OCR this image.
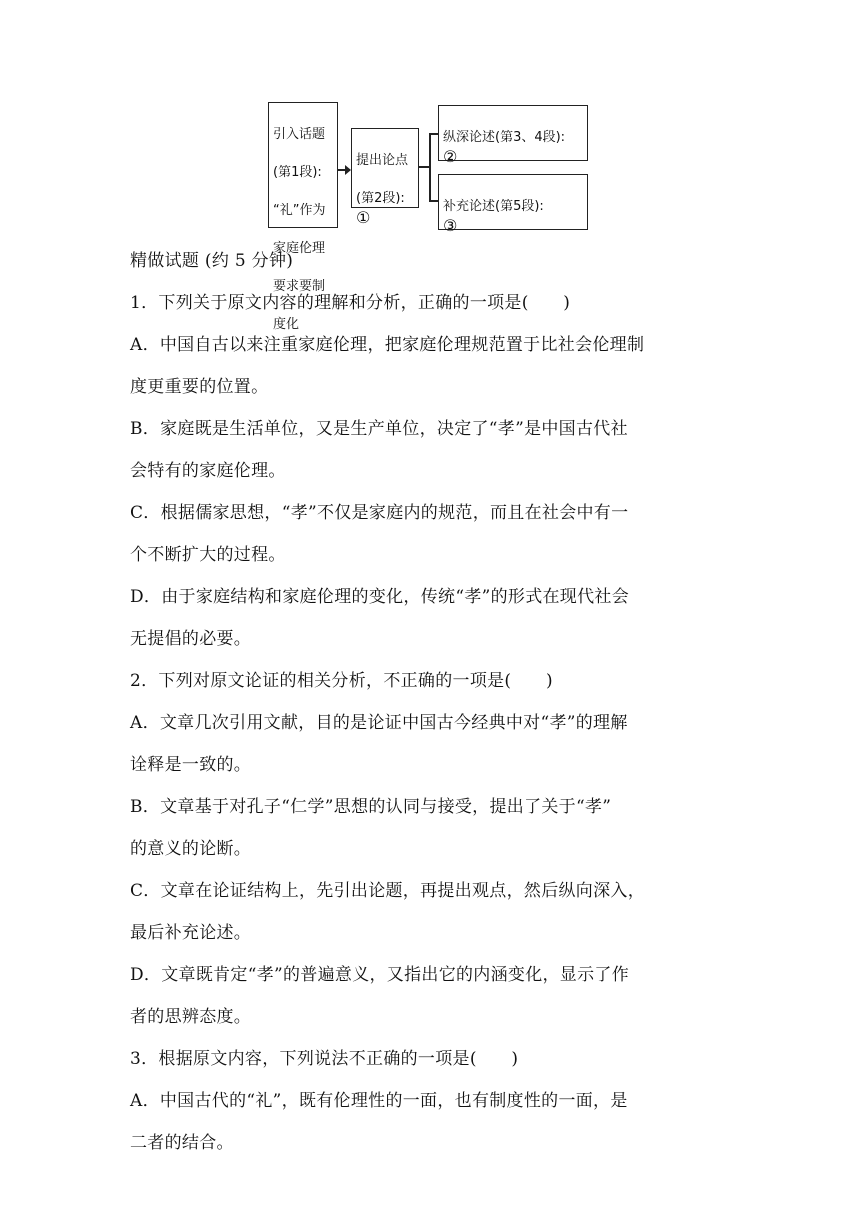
引入话题

(第1段):

“礼”作为

家庭伦理

要求要制

度化

提出论点

(第2段):

①

纵深论述(第3、4段):

②

补充论述(第5段):

③

精做试题 (约 5 分钟)

1．下列关于原文内容的理解和分析，正确的一项是(　　)

A．中国自古以来注重家庭伦理，把家庭伦理规范置于比社会伦理制

度更重要的位置。

B．家庭既是生活单位，又是生产单位，决定了“孝”是中国古代社

会特有的家庭伦理。

C．根据儒家思想，“孝”不仅是家庭内的规范，而且在社会中有一

个不断扩大的过程。

D．由于家庭结构和家庭伦理的变化，传统“孝”的形式在现代社会

无提倡的必要。

2．下列对原文论证的相关分析，不正确的一项是(　　)

A．文章几次引用文献，目的是论证中国古今经典中对“孝”的理解

诠释是一致的。

B．文章基于对孔子“仁学”思想的认同与接受，提出了关于“孝”

的意义的论断。

C．文章在论证结构上，先引出论题，再提出观点，然后纵向深入，

最后补充论述。

D．文章既肯定“孝”的普遍意义，又指出它的内涵变化，显示了作

者的思辨态度。

3．根据原文内容，下列说法不正确的一项是(　　)

A．中国古代的“礼”，既有伦理性的一面，也有制度性的一面，是

二者的结合。
